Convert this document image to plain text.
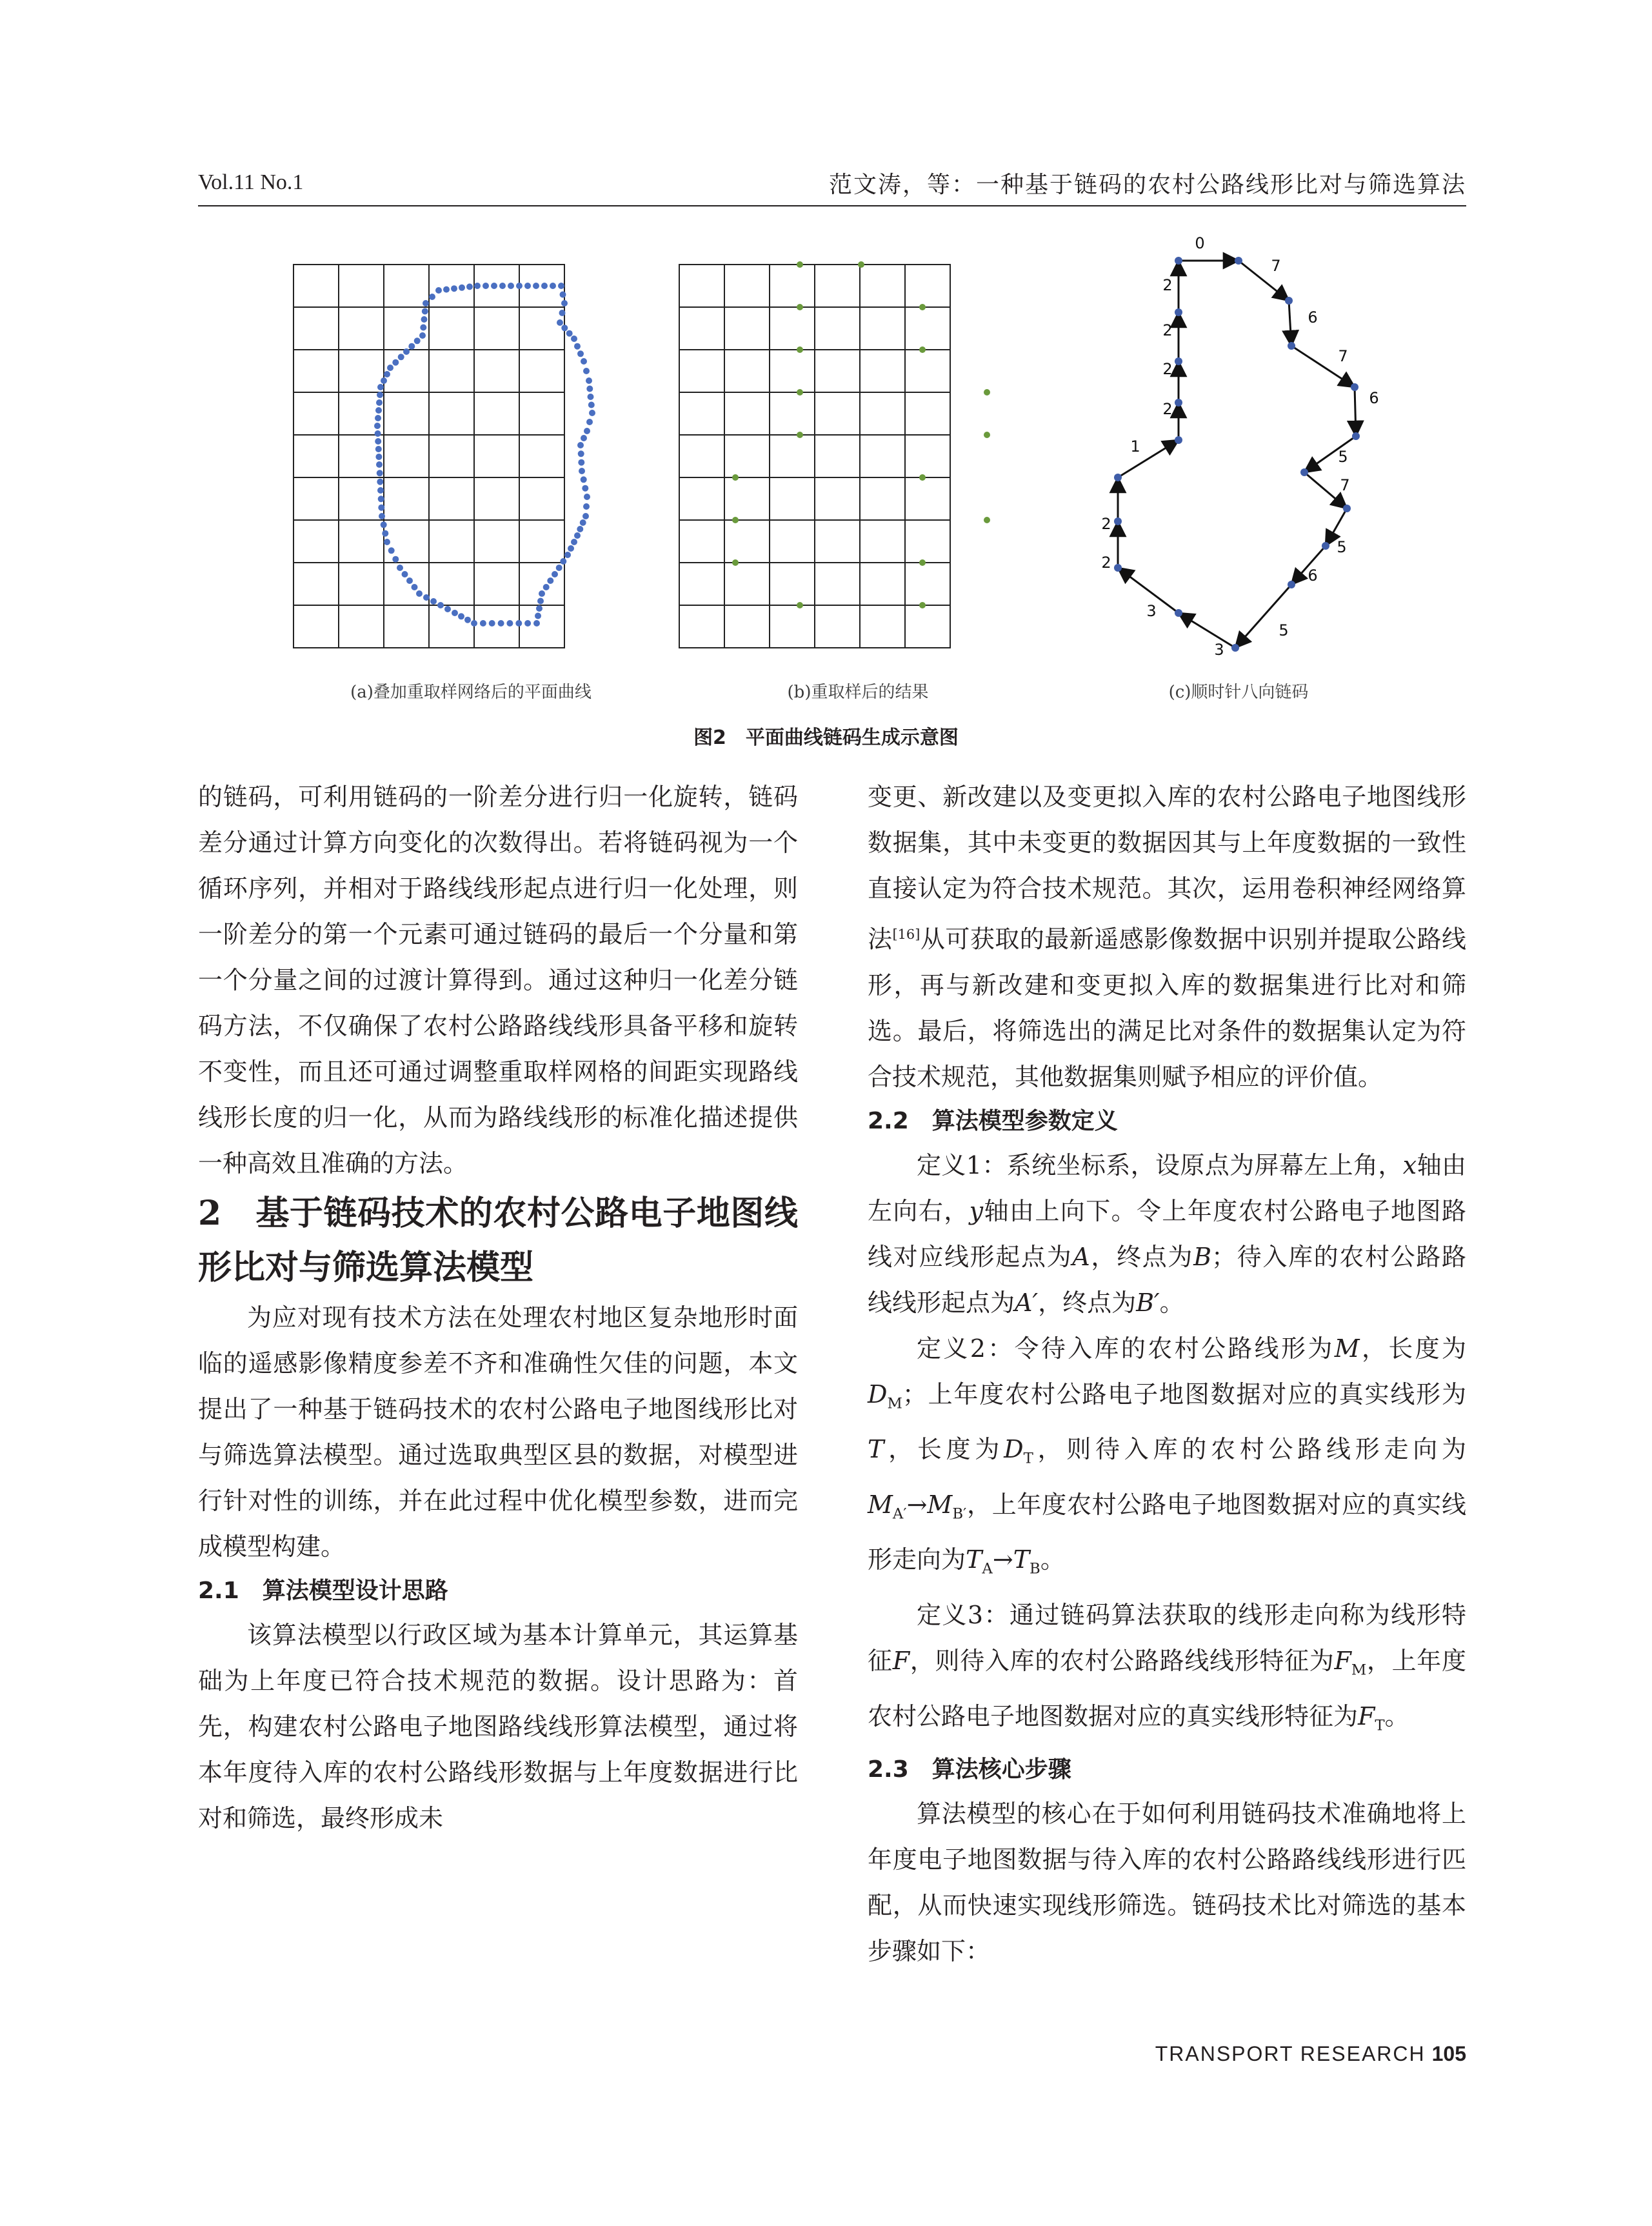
Vol.11 No.1	范文涛，等：一种基于链码的农村公路线形比对与筛选算法
0
7
6
7
6
5
7
5
6
5
3
3
2
2
1
2
2
2
2
(a)叠加重取样网络后的平面曲线	(b)重取样后的结果	(c)顺时针八向链码
图2　平面曲线链码生成示意图

的链码，可利用链码的一阶差分进行归一化旋转，链码差分通过计算方向变化的次数得出。若将链码视为一个循环序列，并相对于路线线形起点进行归一化处理，则一阶差分的第一个元素可通过链码的最后一个分量和第一个分量之间的过渡计算得到。通过这种归一化差分链码方法，不仅确保了农村公路路线线形具备平移和旋转不变性，而且还可通过调整重取样网格的间距实现路线线形长度的归一化，从而为路线线形的标准化描述提供一种高效且准确的方法。

2　基于链码技术的农村公路电子地图线形比对与筛选算法模型

为应对现有技术方法在处理农村地区复杂地形时面临的遥感影像精度参差不齐和准确性欠佳的问题，本文提出了一种基于链码技术的农村公路电子地图线形比对与筛选算法模型。通过选取典型区县的数据，对模型进行针对性的训练，并在此过程中优化模型参数，进而完成模型构建。

2.1　算法模型设计思路

该算法模型以行政区域为基本计算单元，其运算基础为上年度已符合技术规范的数据。设计思路为：首先，构建农村公路电子地图路线线形算法模型，通过将本年度待入库的农村公路线形数据与上年度数据进行比对和筛选，最终形成未

变更、新改建以及变更拟入库的农村公路电子地图线形数据集，其中未变更的数据因其与上年度数据的一致性直接认定为符合技术规范。其次，运用卷积神经网络算法[16]从可获取的最新遥感影像数据中识别并提取公路线形，再与新改建和变更拟入库的数据集进行比对和筛选。最后，将筛选出的满足比对条件的数据集认定为符合技术规范，其他数据集则赋予相应的评价值。

2.2　算法模型参数定义

定义1：系统坐标系，设原点为屏幕左上角，x轴由左向右，y轴由上向下。令上年度农村公路电子地图路线对应线形起点为A，终点为B；待入库的农村公路路线线形起点为A′，终点为B′。

定义2：令待入库的农村公路线形为M，长度为$D_M$；上年度农村公路电子地图数据对应的真实线形为T，长度为$D_T$，则待入库的农村公路线形走向为$M_{A'}\to M_{B'}$，上年度农村公路电子地图数据对应的真实线形走向为$T_A\to T_B$。

定义3：通过链码算法获取的线形走向称为线形特征F，则待入库的农村公路路线线形特征为$F_M$，上年度农村公路电子地图数据对应的真实线形特征为$F_T$。

2.3　算法核心步骤

算法模型的核心在于如何利用链码技术准确地将上年度电子地图数据与待入库的农村公路路线线形进行匹配，从而快速实现线形筛选。链码技术比对筛选的基本步骤如下：

TRANSPORT RESEARCH 105
